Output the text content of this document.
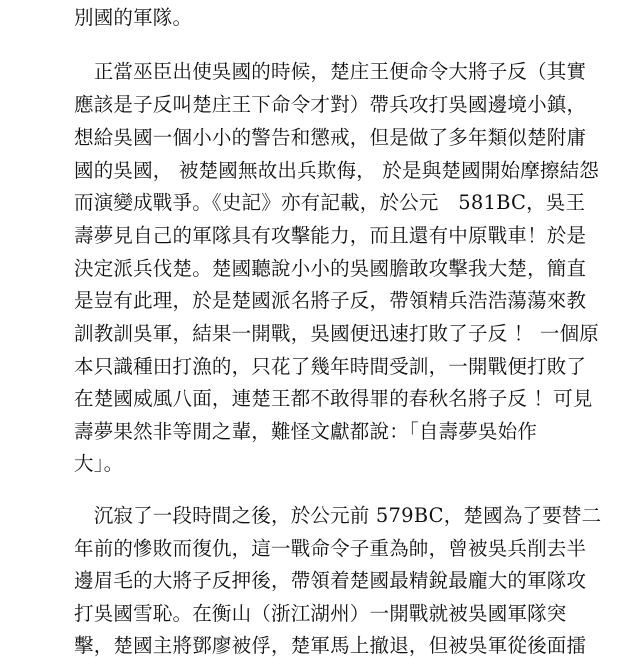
別國的軍隊。
　正當巫臣出使吳國的時候，楚庄王便命令大將子反（其實
應該是子反叫楚庄王下命令才對）帶兵攻打吳國邊境小鎮，
想給吳國一個小小的警告和懲戒，但是做了多年類似楚附庸
國的吳國， 被楚國無故出兵欺侮， 於是與楚國開始摩擦結怨
而演變成戰爭。《史記》亦有記載，於公元　581BC，吳王
壽夢見自己的軍隊具有攻擊能力，而且還有中原戰車！於是
決定派兵伐楚。楚國聽說小小的吳國膽敢攻擊我大楚，簡直
是豈有此理，於是楚國派名將子反，帶領精兵浩浩蕩蕩來教
訓教訓吳軍，結果一開戰，吳國便迅速打敗了子反 ！ 一個原
本只識種田打漁的，只花了幾年時間受訓，一開戰便打敗了
在楚國威風八面，連楚王都不敢得罪的春秋名將子反 ！可見
壽夢果然非等閒之輩，難怪文獻都說：「自壽夢吳始作
大」。
　沉寂了一段時間之後，於公元前 579BC，楚國為了要替二
年前的慘敗而復仇，這一戰命令子重為帥，曾被吳兵削去半
邊眉毛的大將子反押後，帶領着楚國最精銳最龐大的軍隊攻
打吳國雪恥。在衡山（浙江湖州）一開戰就被吳國軍隊突
擊，楚國主將鄧廖被俘，楚軍馬上撤退，但被吳軍從後面擂
